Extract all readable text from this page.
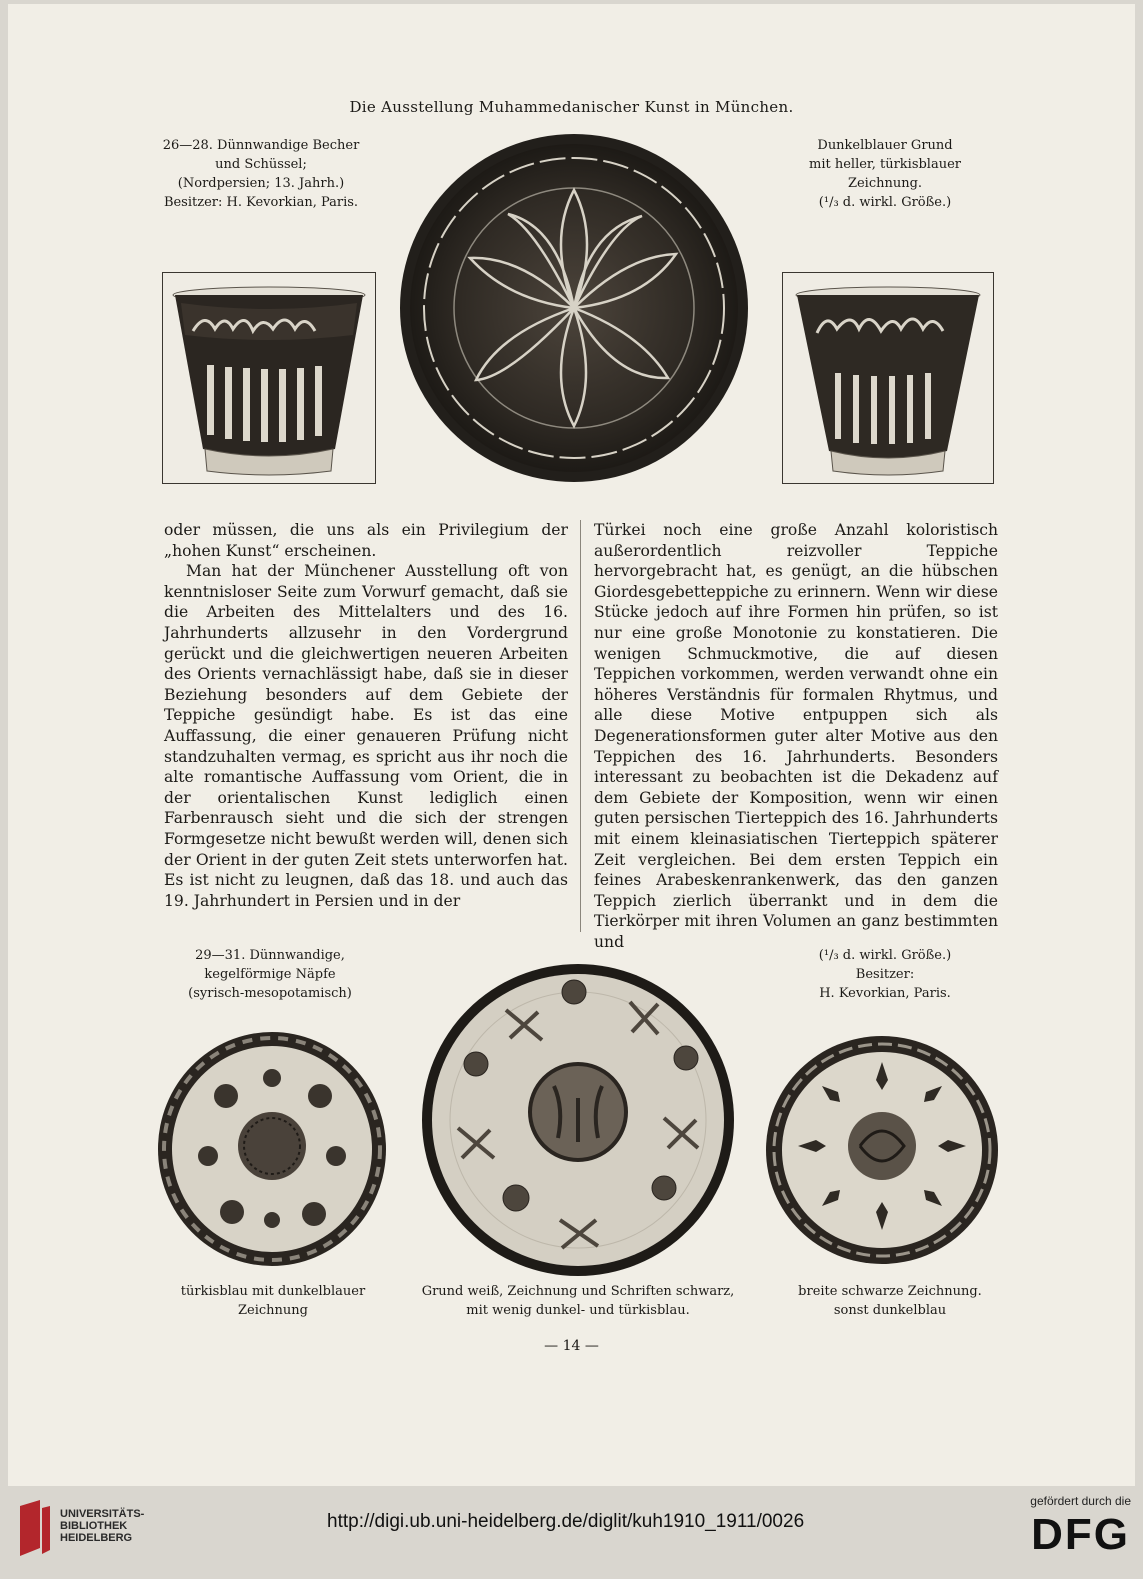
Die Ausstellung Muhammedanischer Kunst in München.
26—28. Dünnwandige Becher
und Schüssel;
(Nordpersien; 13. Jahrh.)
Besitzer: H. Kevorkian, Paris.
Dunkelblauer Grund
mit heller, türkisblauer
Zeichnung.
(¹/₃ d. wirkl. Größe.)

oder müssen, die uns als ein Privilegium der „hohen Kunst“ erscheinen.

Man hat der Münchener Ausstellung oft von kenntnisloser Seite zum Vorwurf gemacht, daß sie die Arbeiten des Mittelalters und des 16. Jahrhunderts allzusehr in den Vordergrund gerückt und die gleichwertigen neueren Arbeiten des Orients vernachlässigt habe, daß sie in dieser Beziehung besonders auf dem Gebiete der Teppiche gesündigt habe. Es ist das eine Auffassung, die einer genaueren Prüfung nicht standzuhalten vermag, es spricht aus ihr noch die alte romantische Auffassung vom Orient, die in der orientalischen Kunst lediglich einen Farbenrausch sieht und die sich der strengen Formgesetze nicht bewußt werden will, denen sich der Orient in der guten Zeit stets unterworfen hat. Es ist nicht zu leugnen, daß das 18. und auch das 19. Jahrhundert in Persien und in der

Türkei noch eine große Anzahl koloristisch außerordentlich reizvoller Teppiche hervorgebracht hat, es genügt, an die hübschen Giordesgebetteppiche zu erinnern. Wenn wir diese Stücke jedoch auf ihre Formen hin prüfen, so ist nur eine große Monotonie zu konstatieren. Die wenigen Schmuckmotive, die auf diesen Teppichen vorkommen, werden verwandt ohne ein höheres Verständnis für formalen Rhytmus, und alle diese Motive entpuppen sich als Degenerationsformen guter alter Motive aus den Teppichen des 16. Jahrhunderts. Besonders interessant zu beobachten ist die Dekadenz auf dem Gebiete der Komposition, wenn wir einen guten persischen Tierteppich des 16. Jahrhunderts mit einem kleinasiatischen Tierteppich späterer Zeit vergleichen. Bei dem ersten Teppich ein feines Arabeskenrankenwerk, das den ganzen Teppich zierlich überrankt und in dem die Tierkörper mit ihren Volumen an ganz bestimmten und

29—31. Dünnwandige,
kegelförmige Näpfe
(syrisch-mesopotamisch)
(¹/₃ d. wirkl. Größe.)
Besitzer:
H. Kevorkian, Paris.
türkisblau mit dunkelblauer
Zeichnung
Grund weiß, Zeichnung und Schriften schwarz,
mit wenig dunkel- und türkisblau.
breite schwarze Zeichnung.
sonst dunkelblau
— 14 —
UNIVERSITÄTS-
BIBLIOTHEK
HEIDELBERG
http://digi.ub.uni-heidelberg.de/diglit/kuh1910_1911/0026
gefördert durch die
DFG
